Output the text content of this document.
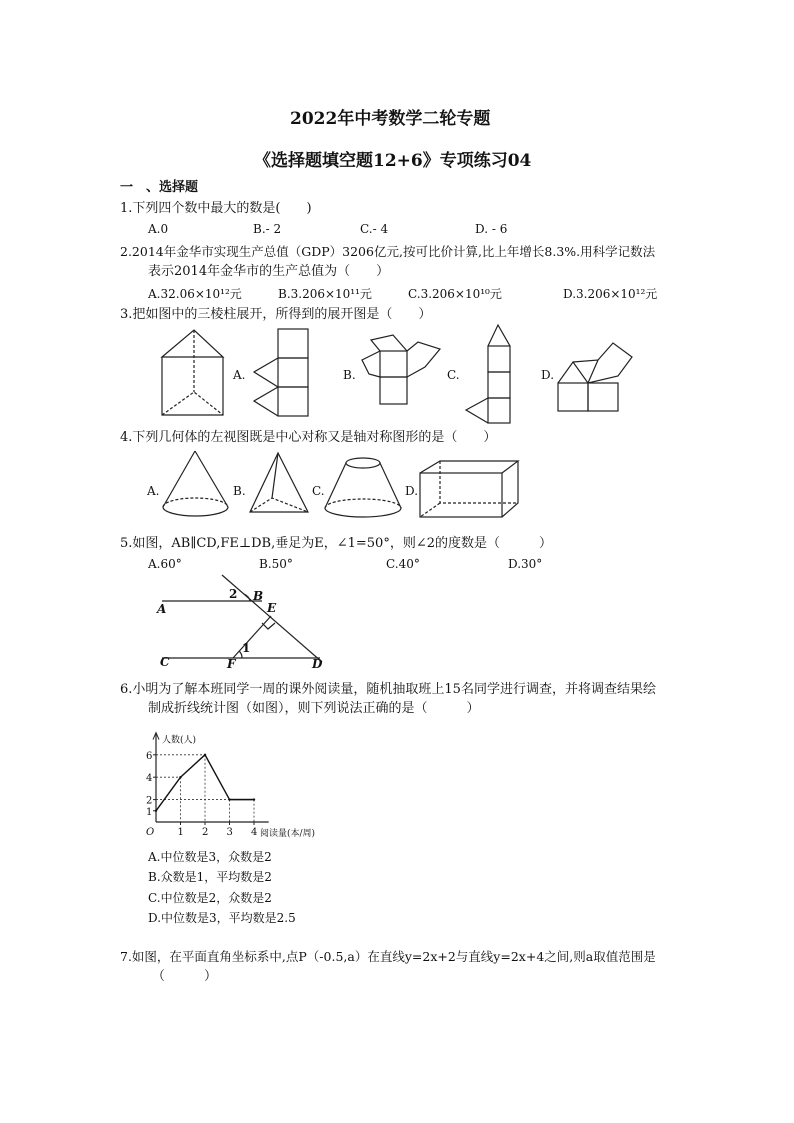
2022年中考数学二轮专题
《选择题填空题12+6》专项练习04
一　、选择题
1.下列四个数中最大的数是(　　)
A.0	B.- 2	C.- 4	D. - 6
2.2014年金华市实现生产总值（GDP）3206亿元,按可比价计算,比上年增长8.3%.用科学记数法
表示2014年金华市的生产总值为（　　）
A.32.06×10¹²元	B.3.206×10¹¹元	C.3.206×10¹⁰元	D.3.206×10¹²元
3.把如图中的三棱柱展开，所得到的展开图是（　　）
A.	B.	C.	D.
4.下列几何体的左视图既是中心对称又是轴对称图形的是（　　）
A.	B.	C.	D.
5.如图，AB∥CD,FE⊥DB,垂足为E，∠1=50°，则∠2的度数是（　　　）
A.60°	B.50°	C.40°	D.30°
A
B
E
C	F	D
1
2
6.小明为了解本班同学一周的课外阅读量，随机抽取班上15名同学进行调查，并将调查结果绘
制成折线统计图（如图），则下列说法正确的是（　　　）
1
2
4
6
1 2 3 4
O
人数(人)
阅读量(本/周)
A.中位数是3，众数是2
B.众数是1，平均数是2
C.中位数是2，众数是2
D.中位数是3，平均数是2.5
7.如图，在平面直角坐标系中,点P（-0.5,a）在直线y=2x+2与直线y=2x+4之间,则a取值范围是
（　　　）
